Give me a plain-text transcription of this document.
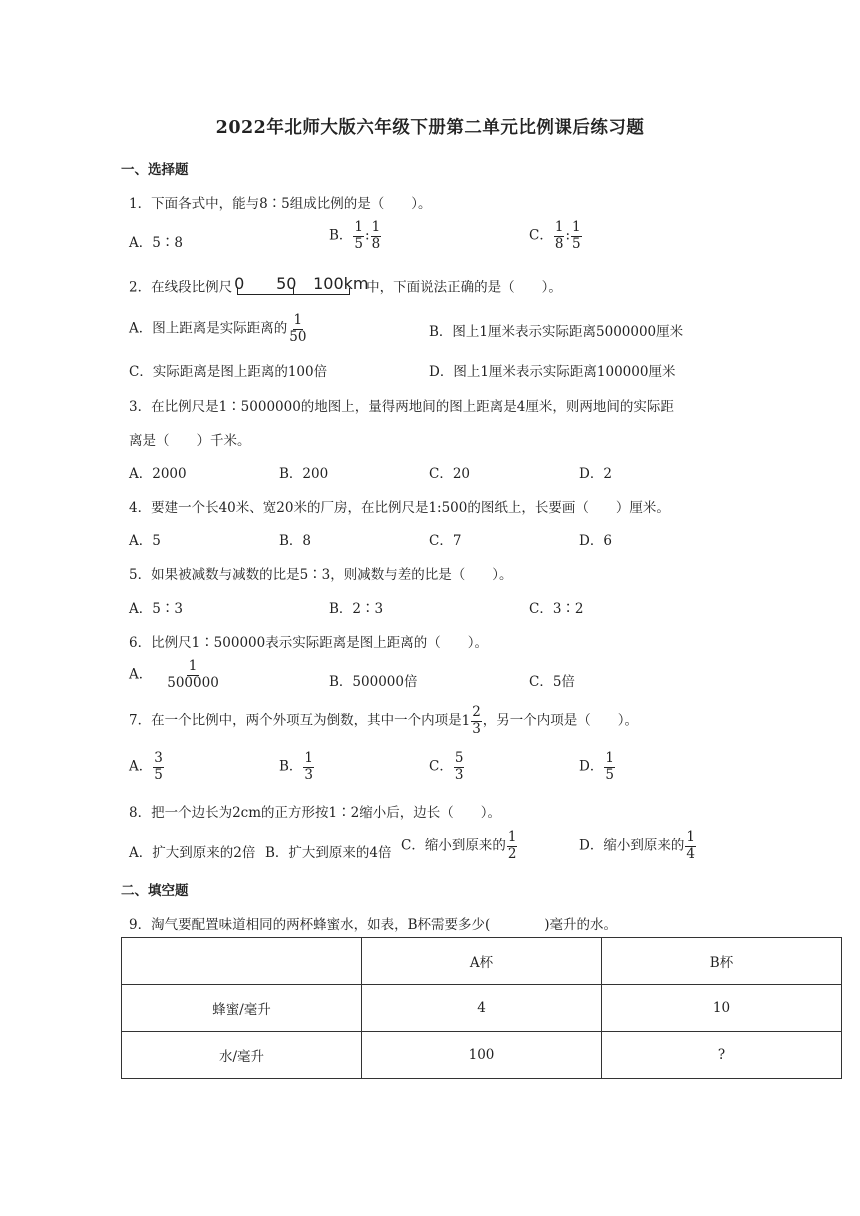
2022年北师大版六年级下册第二单元比例课后练习题
一、选择题
1．下面各式中，能与8∶5组成比例的是（　　）。
A．5∶8	B． $\frac{1}{5}$ : $\frac{1}{8}$	C． $\frac{1}{8}$ : $\frac{1}{5}$
2．在线段比例尺 0 50 100km
中，下面说法正确的是（　　）。
A．图上距离是实际距离的 $\frac{1}{50}$	B．图上1厘米表示实际距离5000000厘米
C．实际距离是图上距离的100倍	D．图上1厘米表示实际距离100000厘米
3．在比例尺是1∶5000000的地图上，量得两地间的图上距离是4厘米，则两地间的实际距
离是（　　）千米。
A．2000	B．200	C．20	D．2
4．要建一个长40米、宽20米的厂房，在比例尺是1:500的图纸上，长要画（　　）厘米。
A．5	B．8	C．7	D．6
5．如果被减数与减数的比是5∶3，则减数与差的比是（　　）。
A．5∶3	B．2∶3	C．3∶2
6．比例尺1∶500000表示实际距离是图上距离的（　　）。
A． $\frac{1}{500000}$	B．500000倍	C．5倍
7．在一个比例中，两个外项互为倒数，其中一个内项是 $1 \frac{2}{3}$ ，另一个内项是（　　）。
A． $\frac{3}{5}$	B． $\frac{1}{3}$	C． $\frac{5}{3}$	D． $\frac{1}{5}$
8．把一个边长为2cm的正方形按1∶2缩小后，边长（　　）。
A．扩大到原来的2倍 B．扩大到原来的4倍 C．缩小到原来的 $\frac{1}{2}$	D．缩小到原来的 $\frac{1}{4}$
二、填空题
9．淘气要配置味道相同的两杯蜂蜜水，如表，B杯需要多少(　　　　)毫升的水。
	A杯	B杯
蜂蜜/毫升	4	10
水/毫升	100	?
